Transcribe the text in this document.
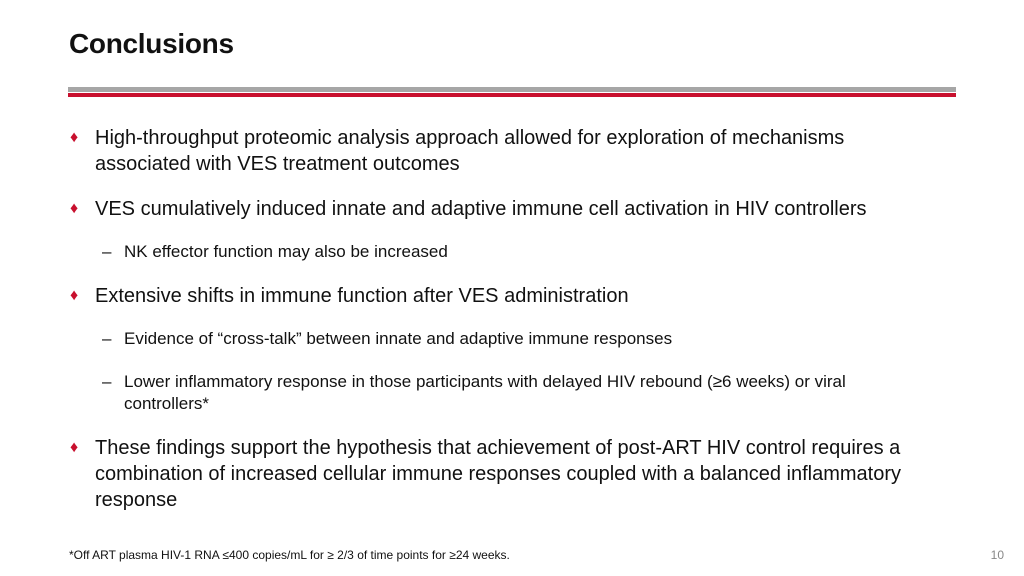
Conclusions
♦ High-throughput proteomic analysis approach allowed for exploration of mechanisms
associated with VES treatment outcomes
♦ VES cumulatively induced innate and adaptive immune cell activation in HIV controllers
– NK effector function may also be increased
♦ Extensive shifts in immune function after VES administration
– Evidence of “cross-talk” between innate and adaptive immune responses
– Lower inflammatory response in those participants with delayed HIV rebound (≥6 weeks) or viral
controllers*
♦ These findings support the hypothesis that achievement of post-ART HIV control requires a
combination of increased cellular immune responses coupled with a balanced inflammatory
response
*Off ART plasma HIV-1 RNA ≤400 copies/mL for ≥ 2/3 of time points for ≥24 weeks.	10
